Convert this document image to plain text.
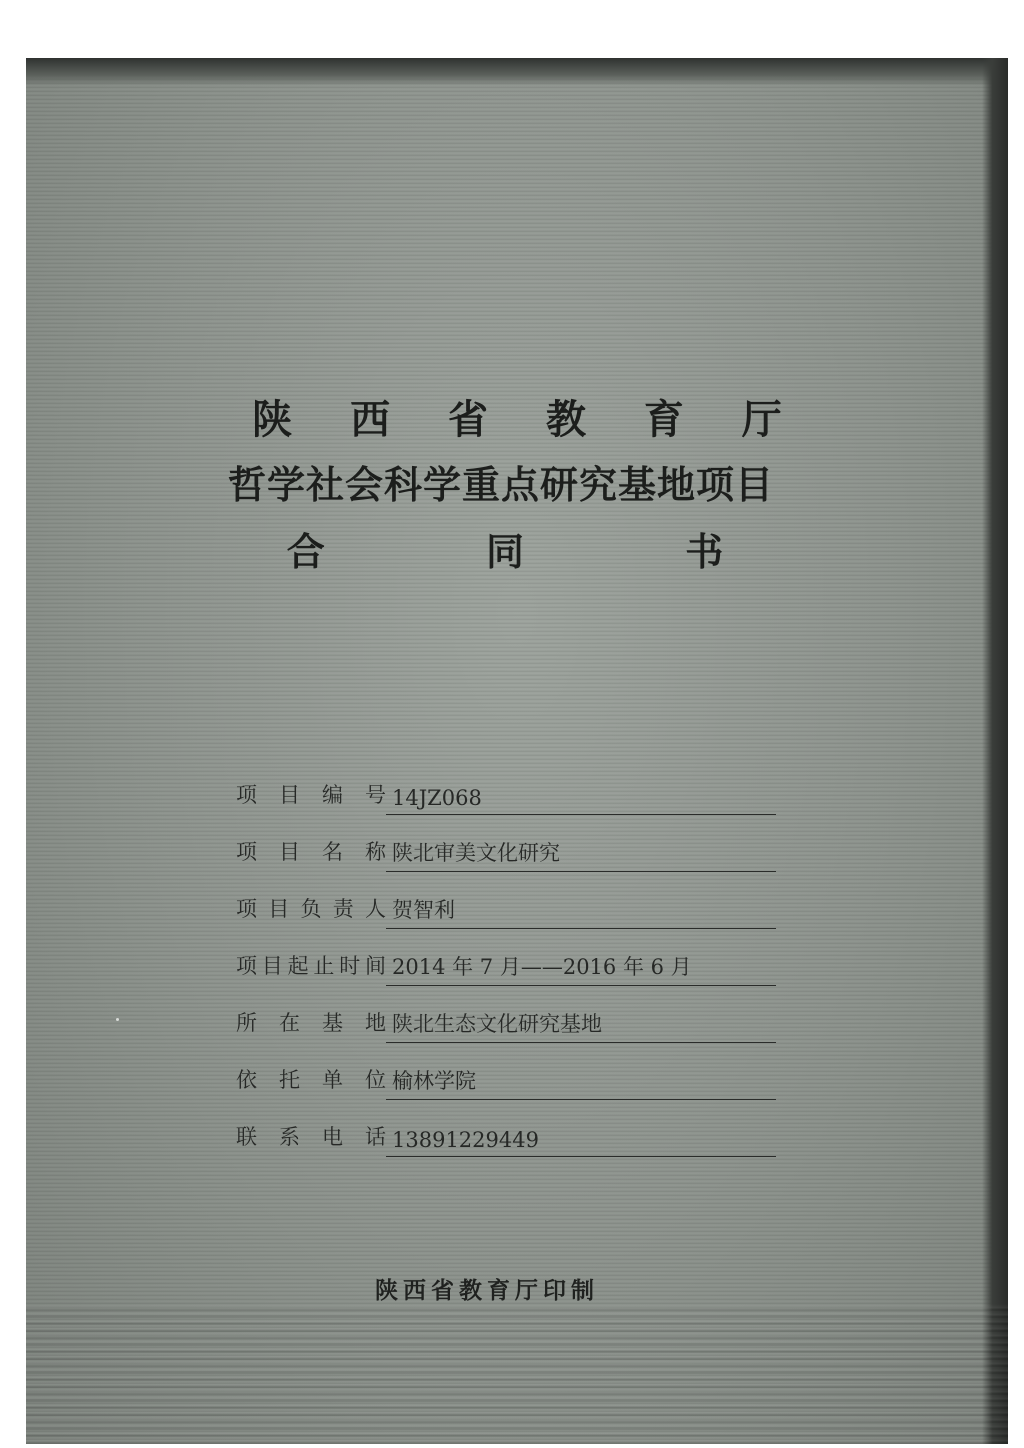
陕 西 省 教 育 厅
哲学社会科学重点研究基地项目
合 同 书
项目编号 14JZ068
项目名称 陕北审美文化研究
项目负责人 贺智利
项目起止时间 2014 年 7 月——2016 年 6 月
所在基地 陕北生态文化研究基地
依托单位 榆林学院
联系电话 13891229449
陕西省教育厅印制
